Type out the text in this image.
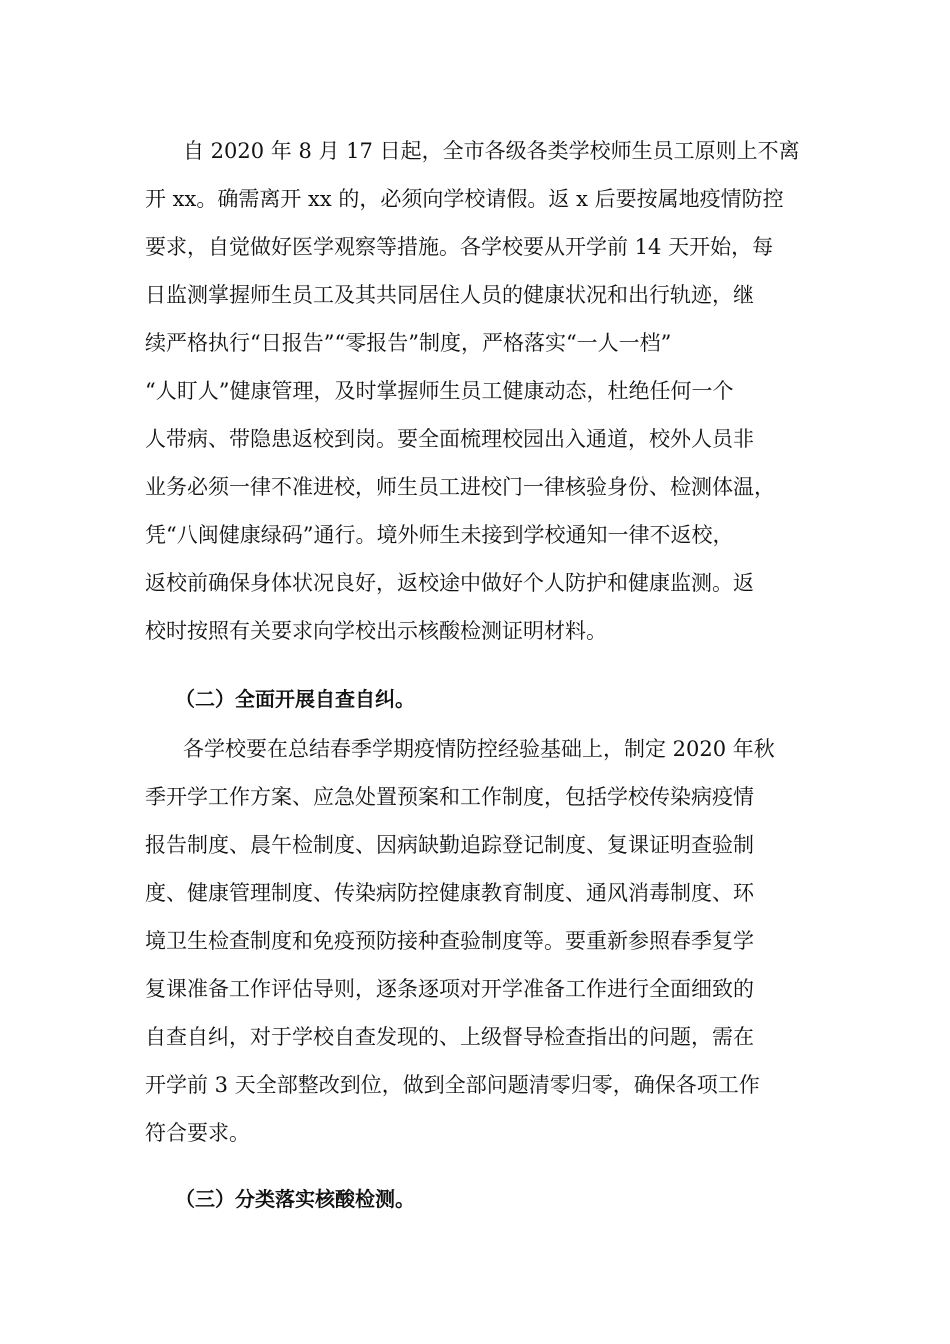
自 2020 年 8 月 17 日起，全市各级各类学校师生员工原则上不离
开 xx。确需离开 xx 的，必须向学校请假。返 x 后要按属地疫情防控
要求，自觉做好医学观察等措施。各学校要从开学前 14 天开始，每
日监测掌握师生员工及其共同居住人员的健康状况和出行轨迹，继
续严格执行“日报告”“零报告”制度，严格落实“一人一档”
“人盯人”健康管理，及时掌握师生员工健康动态，杜绝任何一个
人带病、带隐患返校到岗。要全面梳理校园出入通道，校外人员非
业务必须一律不准进校，师生员工进校门一律核验身份、检测体温，
凭“八闽健康绿码”通行。境外师生未接到学校通知一律不返校，
返校前确保身体状况良好，返校途中做好个人防护和健康监测。返
校时按照有关要求向学校出示核酸检测证明材料。
（二）全面开展自查自纠。
各学校要在总结春季学期疫情防控经验基础上，制定 2020 年秋
季开学工作方案、应急处置预案和工作制度，包括学校传染病疫情
报告制度、晨午检制度、因病缺勤追踪登记制度、复课证明查验制
度、健康管理制度、传染病防控健康教育制度、通风消毒制度、环
境卫生检查制度和免疫预防接种查验制度等。要重新参照春季复学
复课准备工作评估导则，逐条逐项对开学准备工作进行全面细致的
自查自纠，对于学校自查发现的、上级督导检查指出的问题，需在
开学前 3 天全部整改到位，做到全部问题清零归零，确保各项工作
符合要求。
（三）分类落实核酸检测。
